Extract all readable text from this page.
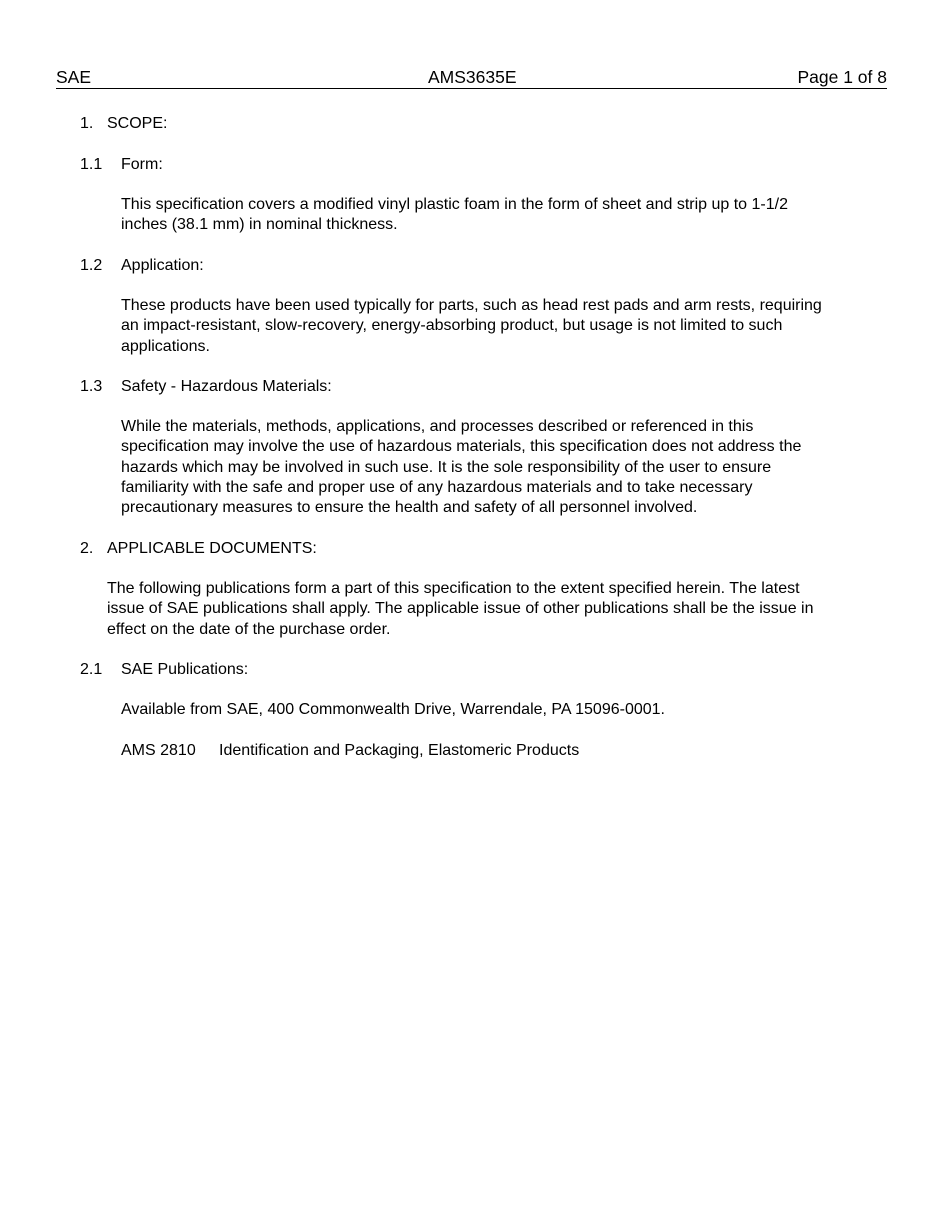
SAE	AMS3635E	Page 1 of 8
1. SCOPE:
1.1 Form:
This specification covers a modified vinyl plastic foam in the form of sheet and strip up to 1-1/2
inches (38.1 mm) in nominal thickness.
1.2 Application:
These products have been used typically for parts, such as head rest pads and arm rests, requiring
an impact-resistant, slow-recovery, energy-absorbing product, but usage is not limited to such
applications.
1.3 Safety - Hazardous Materials:
While the materials, methods, applications, and processes described or referenced in this
specification may involve the use of hazardous materials, this specification does not address the
hazards which may be involved in such use. It is the sole responsibility of the user to ensure
familiarity with the safe and proper use of any hazardous materials and to take necessary
precautionary measures to ensure the health and safety of all personnel involved.
2. APPLICABLE DOCUMENTS:
The following publications form a part of this specification to the extent specified herein. The latest
issue of SAE publications shall apply. The applicable issue of other publications shall be the issue in
effect on the date of the purchase order.
2.1 SAE Publications:
Available from SAE, 400 Commonwealth Drive, Warrendale, PA 15096-0001.
AMS 2810 Identification and Packaging, Elastomeric Products
